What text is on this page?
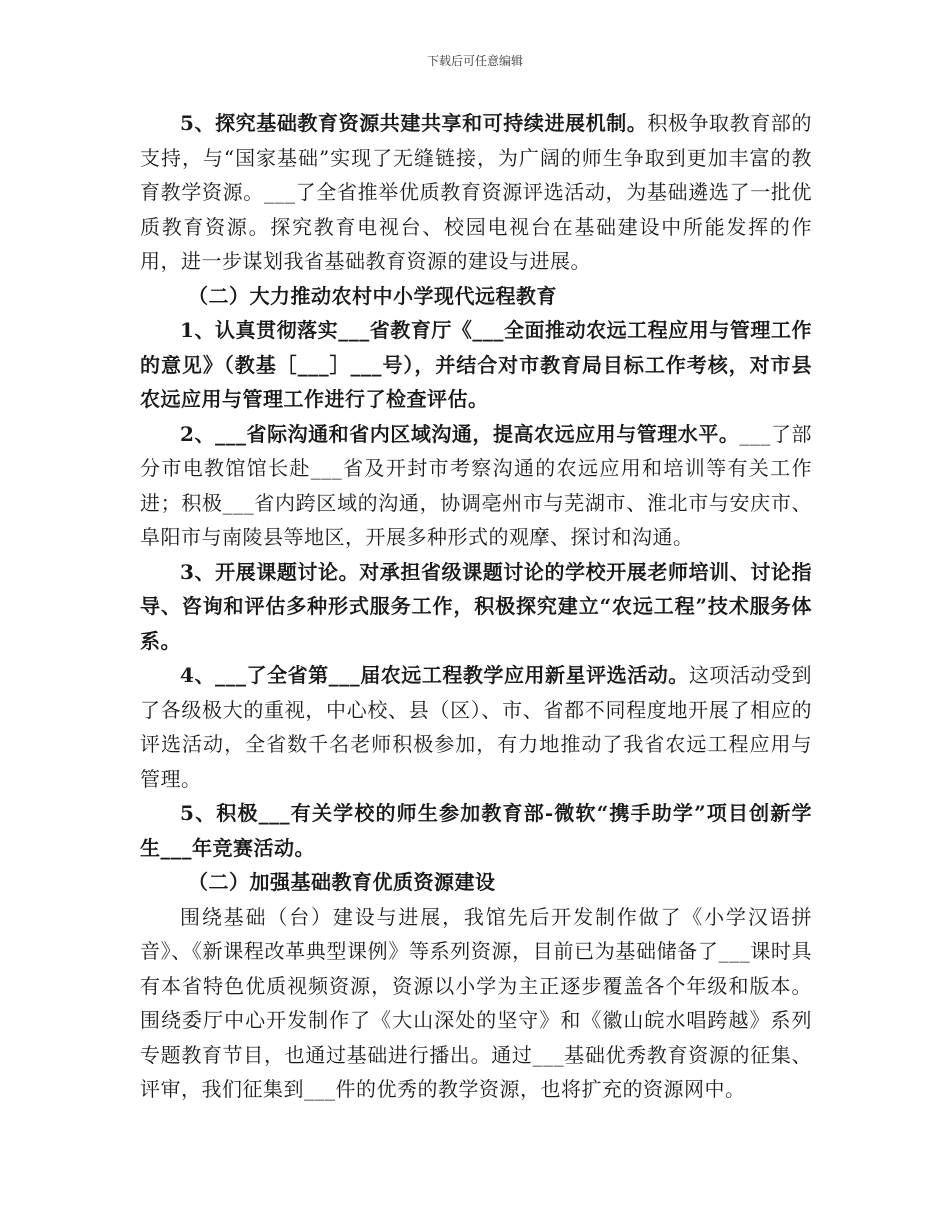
下载后可任意编辑

5、探究基础教育资源共建共享和可持续进展机制。积极争取教育部的支持，与“国家基础”实现了无缝链接，为广阔的师生争取到更加丰富的教育教学资源。___了全省推举优质教育资源评选活动，为基础遴选了一批优质教育资源。探究教育电视台、校园电视台在基础建设中所能发挥的作用，进一步谋划我省基础教育资源的建设与进展。

（二）大力推动农村中小学现代远程教育

1、认真贯彻落实___省教育厅《___全面推动农远工程应用与管理工作的意见》（教基［___］___号），并结合对市教育局目标工作考核，对市县农远应用与管理工作进行了检查评估。

2、___省际沟通和省内区域沟通，提高农远应用与管理水平。___了部分市电教馆馆长赴___省及开封市考察沟通的农远应用和培训等有关工作进；积极___省内跨区域的沟通，协调亳州市与芜湖市、淮北市与安庆市、阜阳市与南陵县等地区，开展多种形式的观摩、探讨和沟通。

3、开展课题讨论。对承担省级课题讨论的学校开展老师培训、讨论指导、咨询和评估多种形式服务工作，积极探究建立“农远工程”技术服务体系。

4、___了全省第___届农远工程教学应用新星评选活动。这项活动受到了各级极大的重视，中心校、县（区）、市、省都不同程度地开展了相应的评选活动，全省数千名老师积极参加，有力地推动了我省农远工程应用与管理。

5、积极___有关学校的师生参加教育部-微软“携手助学”项目创新学生___年竞赛活动。

（二）加强基础教育优质资源建设

围绕基础（台）建设与进展，我馆先后开发制作做了《小学汉语拼音》、《新课程改革典型课例》等系列资源，目前已为基础储备了___课时具有本省特色优质视频资源，资源以小学为主正逐步覆盖各个年级和版本。围绕委厅中心开发制作了《大山深处的坚守》和《徽山皖水唱跨越》系列专题教育节目，也通过基础进行播出。通过___基础优秀教育资源的征集、评审，我们征集到___件的优秀的教学资源，也将扩充的资源网中。
